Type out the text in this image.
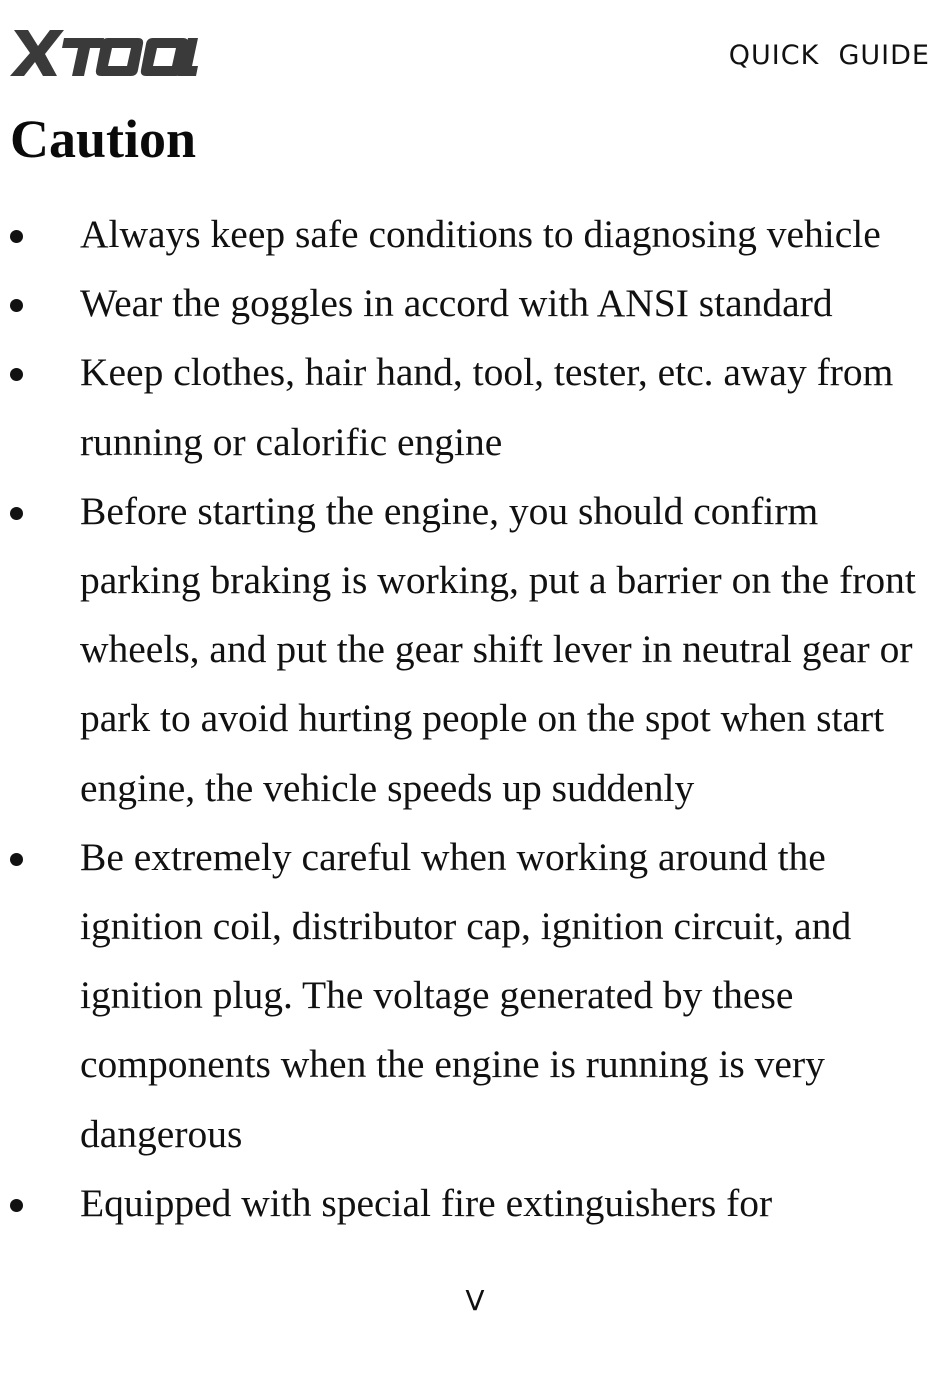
QUICK  GUIDE
Caution
Always keep safe conditions to diagnosing vehicle
Wear the goggles in accord with ANSI standard
Keep clothes, hair hand, tool, tester, etc. away from running or calorific engine
Before starting the engine, you should confirm parking braking is working, put a barrier on the front wheels, and put the gear shift lever in neutral gear or park to avoid hurting people on the spot when start engine, the vehicle speeds up suddenly
Be extremely careful when working around the ignition coil, distributor cap, ignition circuit, and ignition plug. The voltage generated by these components when the engine is running is very dangerous
Equipped with special fire extinguishers for
V
